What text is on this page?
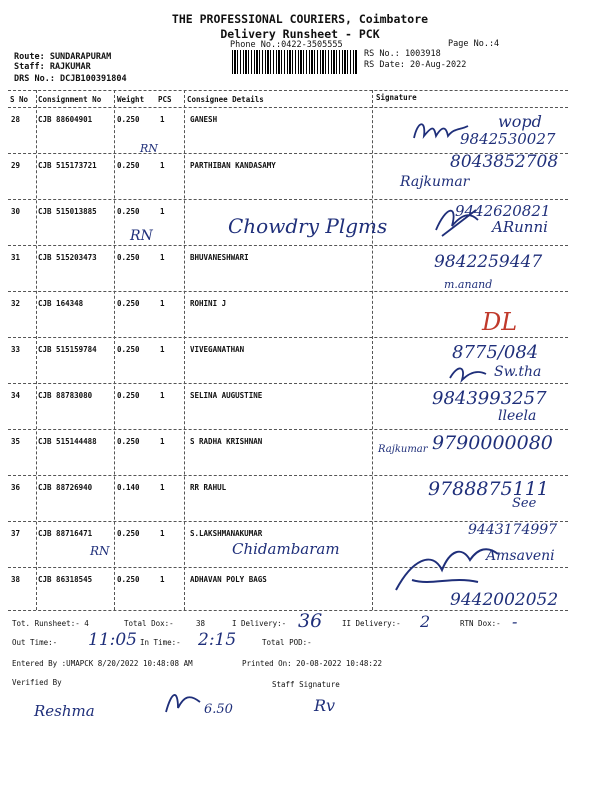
THE PROFESSIONAL COURIERS, Coimbatore
Delivery Runsheet - PCK
Phone No.:0422-3505555	Page No.:4
Route: SUNDARAPURAM
Staff: RAJKUMAR
DRS No.: DCJB100391804
RS No.: 1003918
RS Date: 20-Aug-2022
S No Consignment No Weight PCS Consignee Details	Signature
28 CJB 88604901	0.250	1	GANESH
29 CJB 515173721	0.250	1	PARTHIBAN KANDASAMY
30 CJB 515013885	0.250	1
31 CJB 515203473	0.250	1	BHUVANESHWARI
32 CJB 164348	0.250	1	ROHINI J
33 CJB 515159784	0.250	1	VIVEGANATHAN
34 CJB 88783080	0.250	1	SELINA AUGUSTINE
35 CJB 515144488	0.250	1	S RADHA KRISHNAN
36 CJB 88726940	0.140	1	RR RAHUL
37 CJB 88716471	0.250	1	S.LAKSHMANAKUMAR
38 CJB 86318545	0.250	1	ADHAVAN POLY BAGS
wopd
9842530027
8043852708
Rajkumar
RN
9442620821
ARunni
RN	Chowdry Plgms
9842259447
m.anand
DL
8775/084
Sw.tha
9843993257
lleela
Rajkumar 9790000080
9788875111
See
9443174997
RN	Chidambaram	Amsaveni
9442002052
Tot. Runsheet:- 4	Total Dox:-	38	I Delivery:- 36	II Delivery:- 2	RTN Dox:- -
Out Time:- 11:05 In Time:- 2:15	Total POD:-
Entered By :UMAPCK 8/20/2022 10:48:08 AM	Printed On: 20-08-2022 10:48:22
Verified By	Staff Signature
Reshma	6.50	Rv
